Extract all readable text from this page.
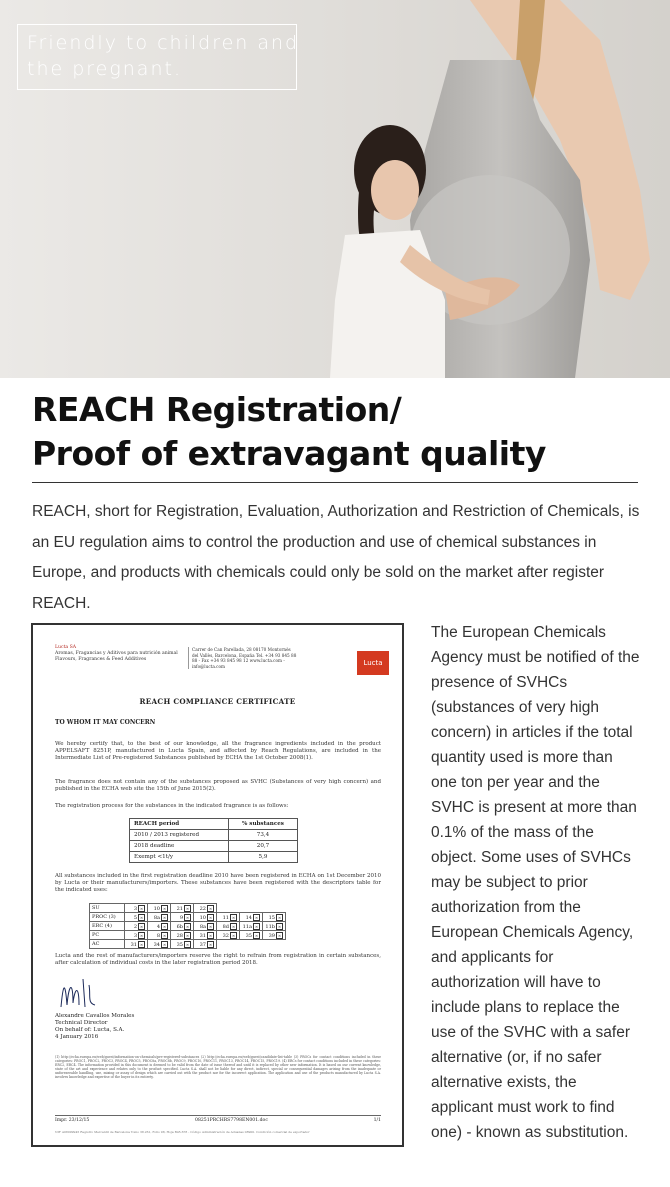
Friendly to children and
the pregnant.
REACH Registration/
Proof of extravagant quality
REACH, short for Registration, Evaluation, Authorization and Restriction of Chemicals, is an EU regulation aims to control the production and use of chemical substances in Europe, and products with chemicals could only be sold on the market after register REACH.
Lucta SA
Aromas, Fragancias y Aditivos para nutrición animal Flavours, Fragrances & Feed Additives
Carrer de Can Parellada, 28 08170 Montornès del Vallès, Barcelona, España Tel. +34 93 845 88 88 - Fax +34 93 845 98 12 www.lucta.com - info@lucta.com	Lucta
REACH COMPLIANCE CERTIFICATE
TO WHOM IT MAY CONCERN
We hereby certify that, to the best of our knowledge, all the fragrance ingredients included in the product APPELSAFT 8251P, manufactured in Lucta Spain, and affected by Reach Regulations, are included in the Intermediate List of Pre-registered Substances published by ECHA the 1st October 2008(1).
The fragrance does not contain any of the substances proposed as SVHC (Substances of very high concern) and published in the ECHA web site the 15th of June 2015(2).
The registration process for the substances in the indicated fragrance is as follows:
REACH period	% substances
2010 / 2013 registered	73,4
2018 deadline	20,7
Exempt <1t/y	5,9
All substances included in the first registration deadline 2010 have been registered in ECHA on 1st December 2010 by Lucta or their manufacturers/importers. These substances have been registered with the descriptors table for the indicated uses:
SU	3 ×	10 ×	21 ×	22 ×			
PROC (3)	5 ×	8a ×	9 ×	10 ×	11 ×	14 ×	15 ×
ERC (4)	2 ×	4 ×	6b ×	8a ×	8d ×	11a ×	11b ×
PC	3 ×	8 ×	28 ×	31 ×	32 ×	35 ×	39 ×
AC	31 ×	34 ×	35 ×	37 ×			
Lucta and the rest of manufacturers/importers reserve the right to refrain from registration in certain substances, after calculation of individual costs in the later registration period 2018.
Alexandre Cavallos Morales
Technical Director
On behalf of: Lucta, S.A.
4 January 2016
(1) http://echa.europa.eu/web/guest/information-on-chemicals/pre-registered-substances (2) http://echa.europa.eu/web/guest/candidate-list-table (3) PROCs for contact conditions included in these categories: PROC1, PROC2, PROC3, PROC4, PROC5, PROC8a, PROC8b, PROC9, PROC10, PROC11, PROC13, PROC14, PROC15, PROC19. (4) ERCs for contact conditions included in these categories: ERC2, ERC4. The information provided in this document is deemed to be valid from the date of issue thereof and until it is replaced by other new information. It is based on our current knowledge, state of the art and experience and relates only to the product specified. Lucta S.A. shall not be liable for any direct, indirect, special or consequential damages arising from the inadequate or unforeseeable handling, use, mixing or assay of design which are carried out with the product nor for the incorrect application. The application and use of the products manufactured by Lucta S.A. involves knowledge and expertise of the buyer in its entirety.
Impr. 23/12/15	08251PRCHRS7798EN001.doc	1/1
NIF A08099945 Registro Mercantil de Barcelona Tomo 38.261, Folio 98, Hoja B45.678 - Código Administración de Aduanas 08900. Condición comercial de exportador

The European Chemicals Agency must be notified of the presence of SVHCs (substances of very high concern) in articles if the total quantity used is more than one ton per year and the SVHC is present at more than 0.1% of the mass of the object. Some uses of SVHCs may be subject to prior authorization from the European Chemicals Agency, and applicants for authorization will have to include plans to replace the use of the SVHC with a safer alternative (or, if no safer alternative exists, the applicant must work to find one) - known as substitution.
